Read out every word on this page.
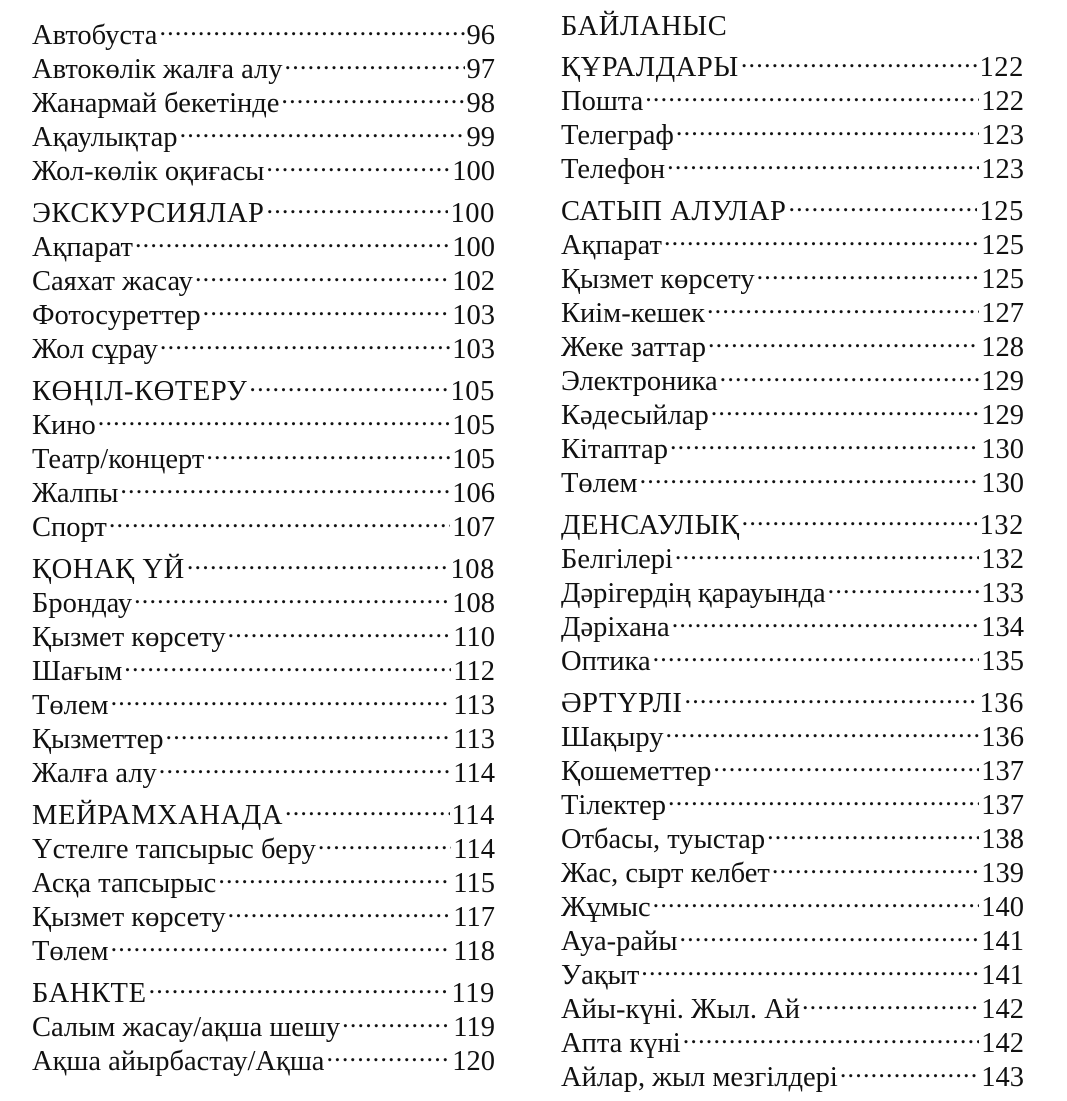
Автобуста .....	96
Автокөлік жалға алу .....	97
Жанармай бекетінде .....	98
Ақаулықтар .....	99
Жол-көлік оқиғасы .....	100
ЭКСКУРСИЯЛАР .....	100
Ақпарат .....	100
Саяхат жасау .....	102
Фотосуреттер .....	103
Жол сұрау .....	103
КӨҢІЛ-КӨТЕРУ .....	105
Кино .....	105
Театр/концерт .....	105
Жалпы .....	106
Спорт .....	107
ҚОНАҚ ҮЙ .....	108
Брондау .....	108
Қызмет көрсету .....	110
Шағым .....	112
Төлем .....	113
Қызметтер .....	113
Жалға алу .....	114
МЕЙРАМХАНАДА .....	114
Үстелге тапсырыс беру .....	114
Асқа тапсырыс .....	115
Қызмет көрсету .....	117
Төлем .....	118
БАНКТЕ .....	119
Салым жасау/ақша шешу .....	119
Ақша айырбастау/Ақша .....	120
БАЙЛАНЫС
ҚҰРАЛДАРЫ .....	122
Пошта .....	122
Телеграф .....	123
Телефон .....	123
САТЫП АЛУЛАР .....	125
Ақпарат .....	125
Қызмет көрсету .....	125
Киім-кешек .....	127
Жеке заттар .....	128
Электроника .....	129
Кәдесыйлар .....	129
Кітаптар .....	130
Төлем .....	130
ДЕНСАУЛЫҚ .....	132
Белгілері .....	132
Дәрігердің қарауында .....	133
Дәріхана .....	134
Оптика .....	135
ӘРТҮРЛІ .....	136
Шақыру .....	136
Қошеметтер .....	137
Тілектер .....	137
Отбасы, туыстар .....	138
Жас, сырт келбет .....	139
Жұмыс .....	140
Ауа-райы .....	141
Уақыт .....	141
Айы-күні. Жыл. Ай .....	142
Апта күні .....	142
Айлар, жыл мезгілдері .....	143
